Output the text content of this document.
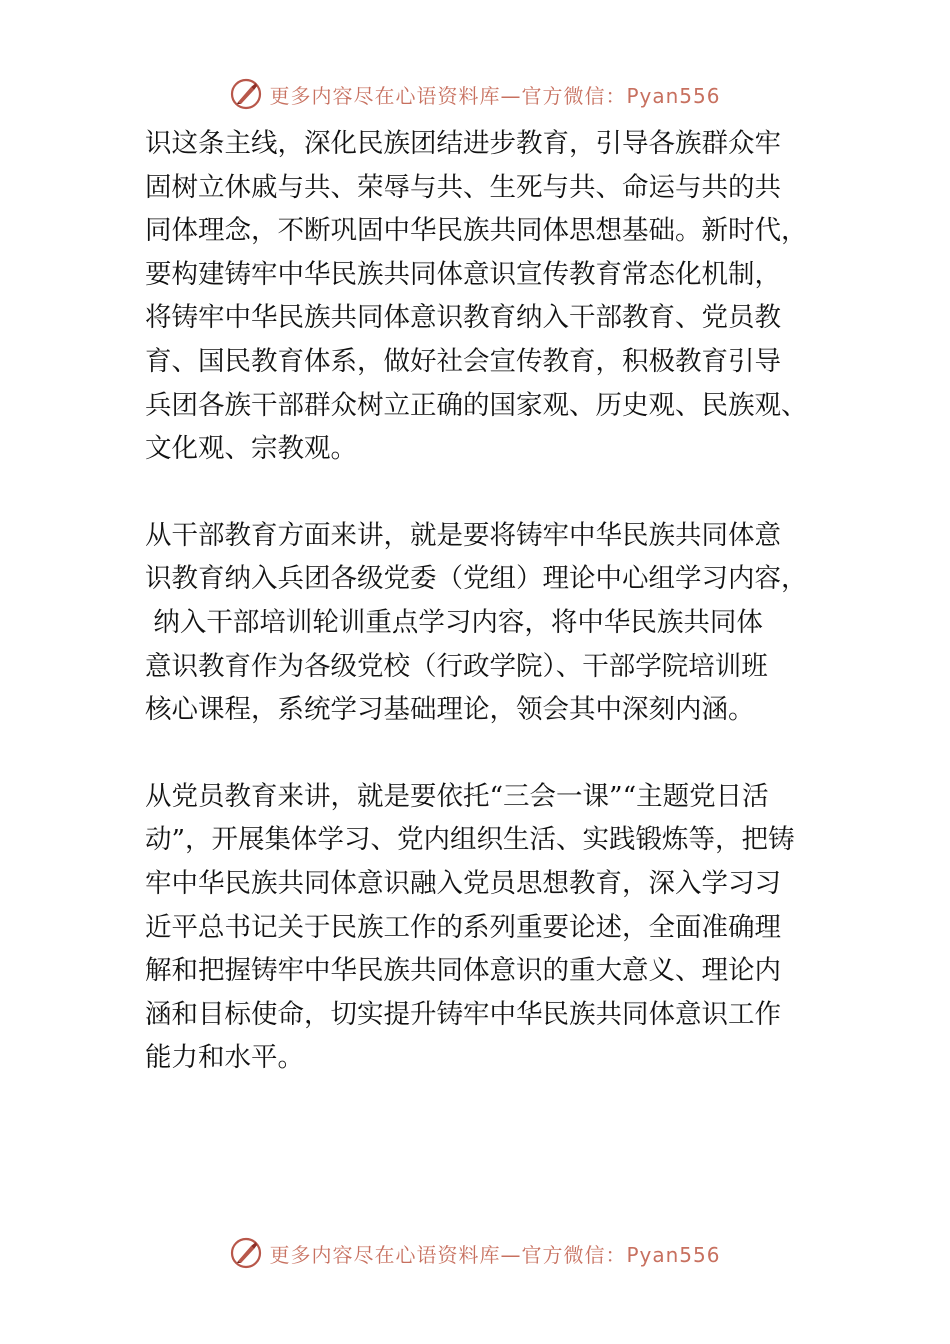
更多内容尽在心语资料库—官方微信：Pyan556

识这条主线，深化民族团结进步教育，引导各族群众牢
固树立休戚与共、荣辱与共、生死与共、命运与共的共
同体理念，不断巩固中华民族共同体思想基础。新时代，
要构建铸牢中华民族共同体意识宣传教育常态化机制，
将铸牢中华民族共同体意识教育纳入干部教育、党员教
育、国民教育体系，做好社会宣传教育，积极教育引导
兵团各族干部群众树立正确的国家观、历史观、民族观、
文化观、宗教观。

从干部教育方面来讲，就是要将铸牢中华民族共同体意
识教育纳入兵团各级党委（党组）理论中心组学习内容，
纳入干部培训轮训重点学习内容，将中华民族共同体
意识教育作为各级党校（行政学院）、干部学院培训班
核心课程，系统学习基础理论，领会其中深刻内涵。

从党员教育来讲，就是要依托“三会一课”“主题党日活
动”，开展集体学习、党内组织生活、实践锻炼等，把铸
牢中华民族共同体意识融入党员思想教育，深入学习习
近平总书记关于民族工作的系列重要论述，全面准确理
解和把握铸牢中华民族共同体意识的重大意义、理论内
涵和目标使命，切实提升铸牢中华民族共同体意识工作
能力和水平。

更多内容尽在心语资料库—官方微信：Pyan556
